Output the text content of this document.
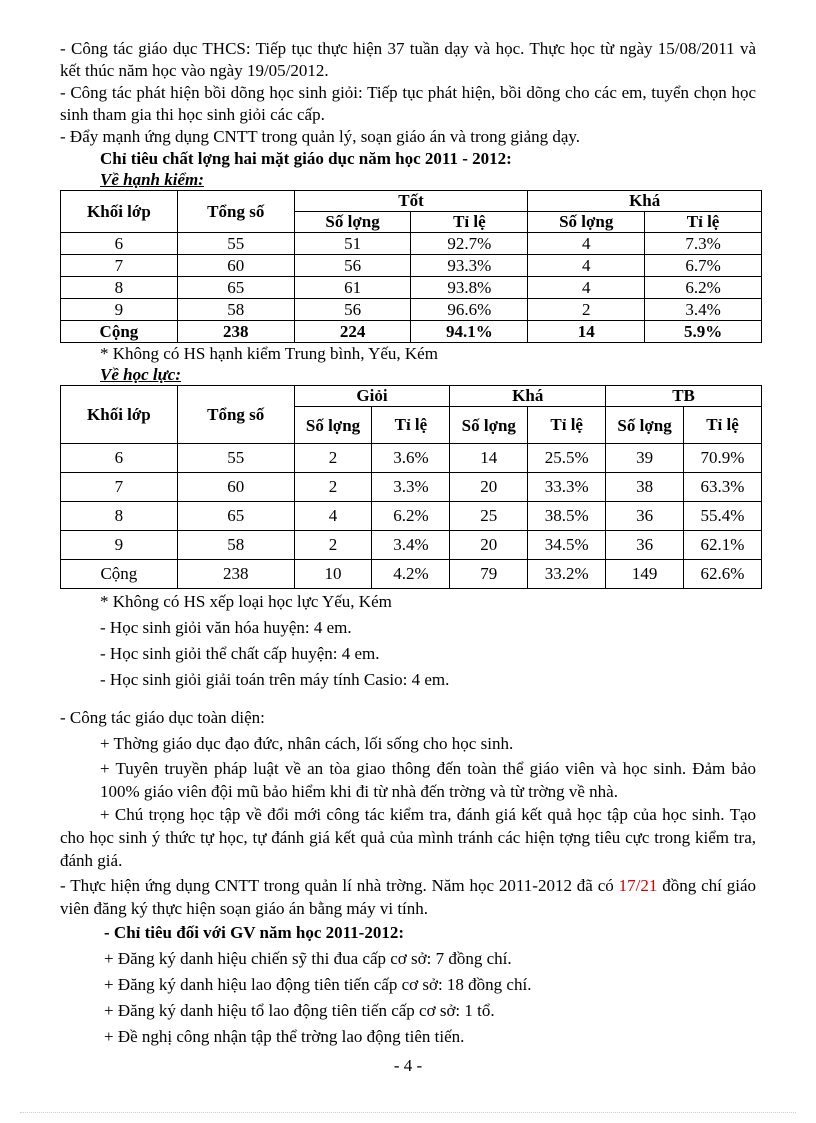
- Công tác giáo dục THCS: Tiếp tục thực hiện 37 tuần dạy và học. Thực học từ ngày 15/08/2011 và kết thúc năm học vào ngày 19/05/2012.

- Công tác phát hiện bồi dõng học sinh giỏi: Tiếp tục phát hiện, bồi dõng cho các em, tuyển chọn học sinh tham gia thi học sinh giỏi các cấp.

- Đẩy mạnh ứng dụng CNTT trong quản lý, soạn giáo án và trong giảng dạy.

Chỉ tiêu chất lợng hai mặt giáo dục năm học 2011 - 2012:

Về hạnh kiểm:

Khối lớp	Tổng số	Tốt		Khá	
		Số lợng	Tỉ lệ	Số lợng	Tỉ lệ
6	55	51	92.7%	4	7.3%
7	60	56	93.3%	4	6.7%
8	65	61	93.8%	4	6.2%
9	58	56	96.6%	2	3.4%
Cộng	238	224	94.1%	14	5.9%

* Không có HS hạnh kiểm Trung bình, Yếu, Kém

Về học lực:

Khối lớp	Tổng số	Giỏi		Khá		TB	
		Số lợng	Tỉ lệ	Số lợng	Tỉ lệ	Số lợng	Tỉ lệ
6	55	2	3.6%	14	25.5%	39	70.9%
7	60	2	3.3%	20	33.3%	38	63.3%
8	65	4	6.2%	25	38.5%	36	55.4%
9	58	2	3.4%	20	34.5%	36	62.1%
Cộng	238	10	4.2%	79	33.2%	149	62.6%

* Không có HS xếp loại học lực Yếu, Kém

- Học sinh giỏi văn hóa huyện: 4 em.

- Học sinh giỏi thể chất cấp huyện: 4 em.

- Học sinh giỏi giải toán trên máy tính Casio: 4 em.

- Công tác giáo dục toàn diện:

+ Thờng giáo dục đạo đức, nhân cách, lối sống cho học sinh.

+ Tuyên truyền pháp luật về an tòa giao thông đến toàn thể giáo viên và học sinh. Đảm bảo 100% giáo viên đội mũ bảo hiểm khi đi từ nhà đến trờng và từ trờng về nhà.

+ Chú trọng học tập về đổi mới công tác kiểm tra, đánh giá kết quả học tập của học sinh. Tạo cho học sinh ý thức tự học, tự đánh giá kết quả của mình tránh các hiện tợng tiêu cực trong kiểm tra, đánh giá.

- Thực hiện ứng dụng CNTT trong quản lí nhà trờng. Năm học 2011-2012 đã có 17/21 đồng chí giáo viên đăng ký thực hiện soạn giáo án bằng máy vi tính.

- Chỉ tiêu đối với GV năm học 2011-2012:

+ Đăng ký danh hiệu chiến sỹ thi đua cấp cơ sở: 7 đồng chí.

+ Đăng ký danh hiệu lao động tiên tiến cấp cơ sở: 18 đồng chí.

+ Đăng ký danh hiệu tổ lao động tiên tiến cấp cơ sở: 1 tổ.

+ Đề nghị công nhận tập thể trờng lao động tiên tiến.

- 4 -
